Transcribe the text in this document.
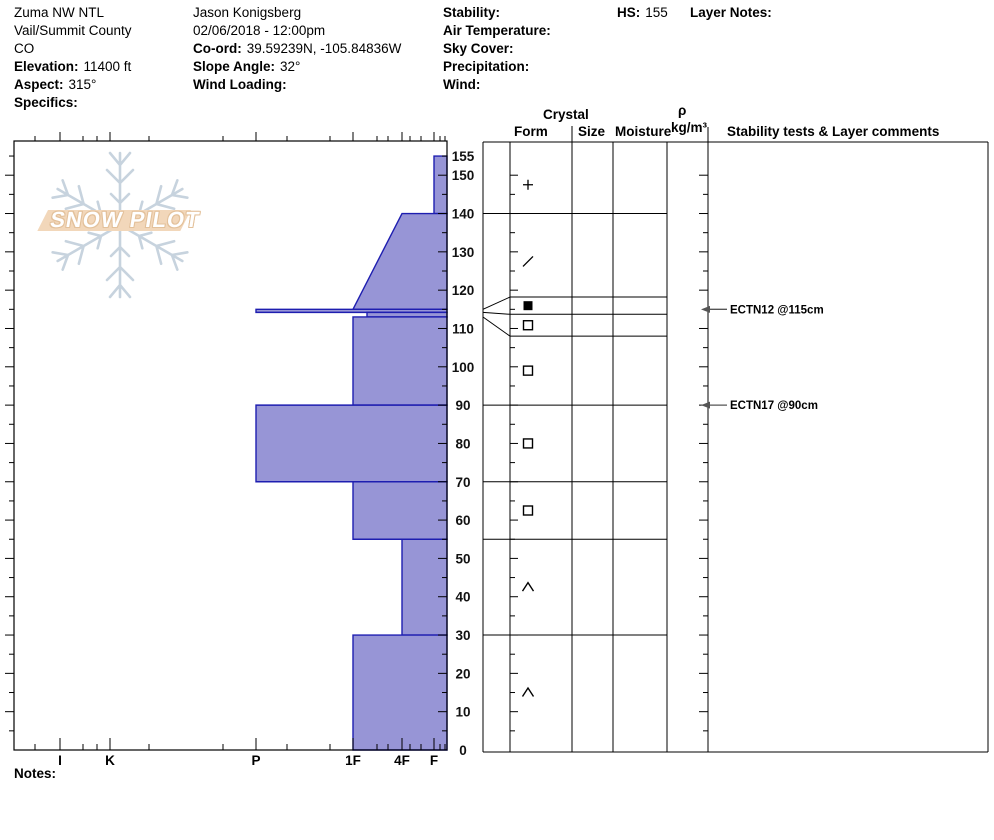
SNOW PILOT
155
150
140
130
120
110
100
90
80
70
60
50
40
30
20
10
0
I	K	P	1F 4F F
ECTN12 @115cm
ECTN17 @90cm
Zuma NW NTL
Vail/Summit County
CO
Elevation: 11400 ft
Aspect: 315°
Specifics:
Jason Konigsberg
02/06/2018 - 12:00pm
Co-ord: 39.59239N, -105.84836W
Slope Angle: 32°
Wind Loading:
Stability:
Air Temperature:
Sky Cover:
Precipitation:
Wind:
HS: 155 Layer Notes:
Crystal
Form Size Moisture
ρ
kg/m³ Stability tests & Layer comments
Notes:
